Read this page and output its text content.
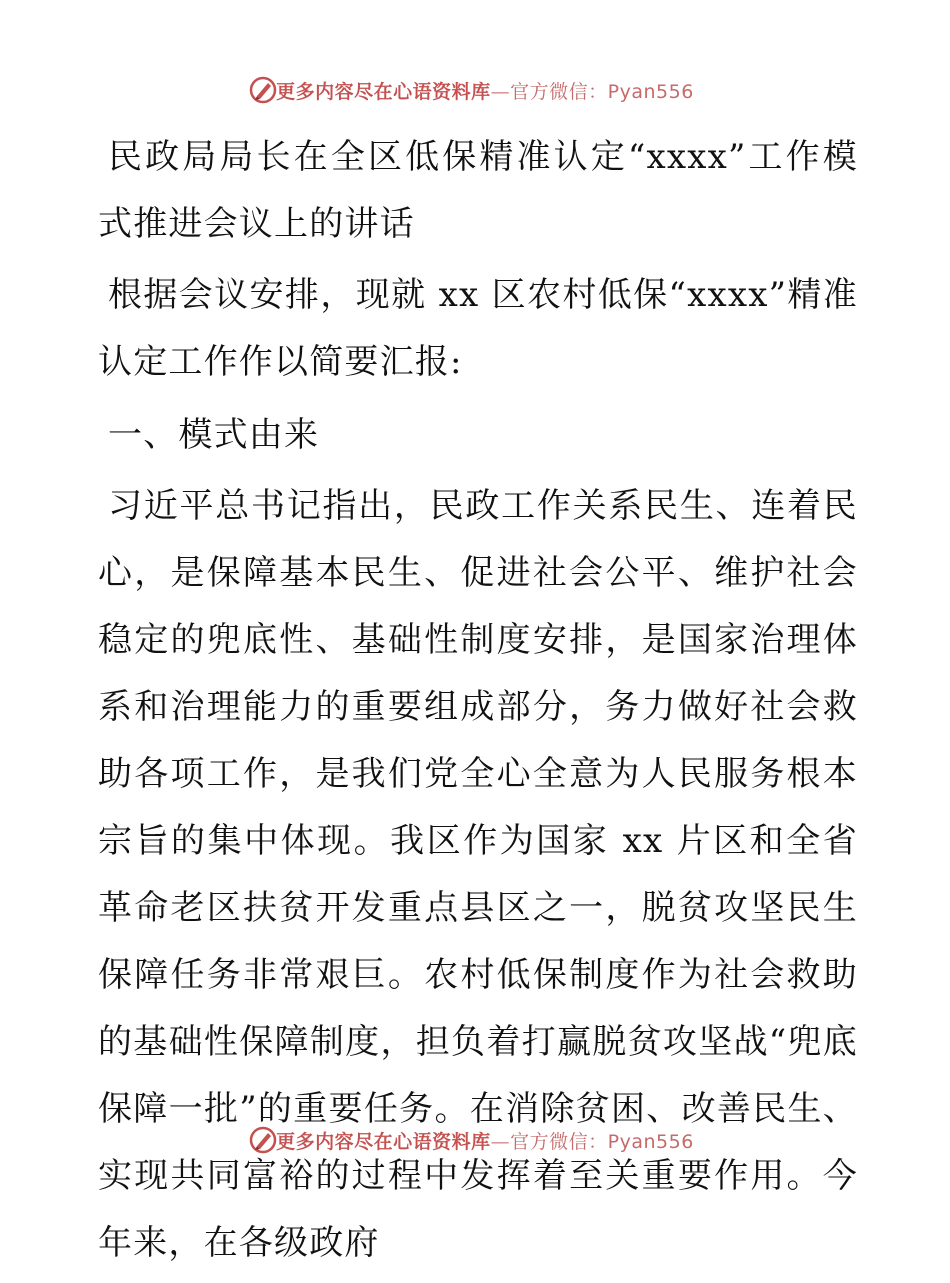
更多内容尽在心语资料库—官方微信：Pyan556

民政局局长在全区低保精准认定“xxxx”工作模式推进会议上的讲话

根据会议安排，现就 xx 区农村低保“xxxx”精准认定工作作以简要汇报:

一、模式由来

习近平总书记指出，民政工作关系民生、连着民心，是保障基本民生、促进社会公平、维护社会稳定的兜底性、基础性制度安排，是国家治理体系和治理能力的重要组成部分，务力做好社会救助各项工作，是我们党全心全意为人民服务根本宗旨的集中体现。我区作为国家 xx 片区和全省革命老区扶贫开发重点县区之一，脱贫攻坚民生保障任务非常艰巨。农村低保制度作为社会救助的基础性保障制度，担负着打赢脱贫攻坚战“兜底保障一批”的重要任务。在消除贫困、改善民生、实现共同富裕的过程中发挥着至关重要作用。今年来，在各级政府

更多内容尽在心语资料库—官方微信：Pyan556
